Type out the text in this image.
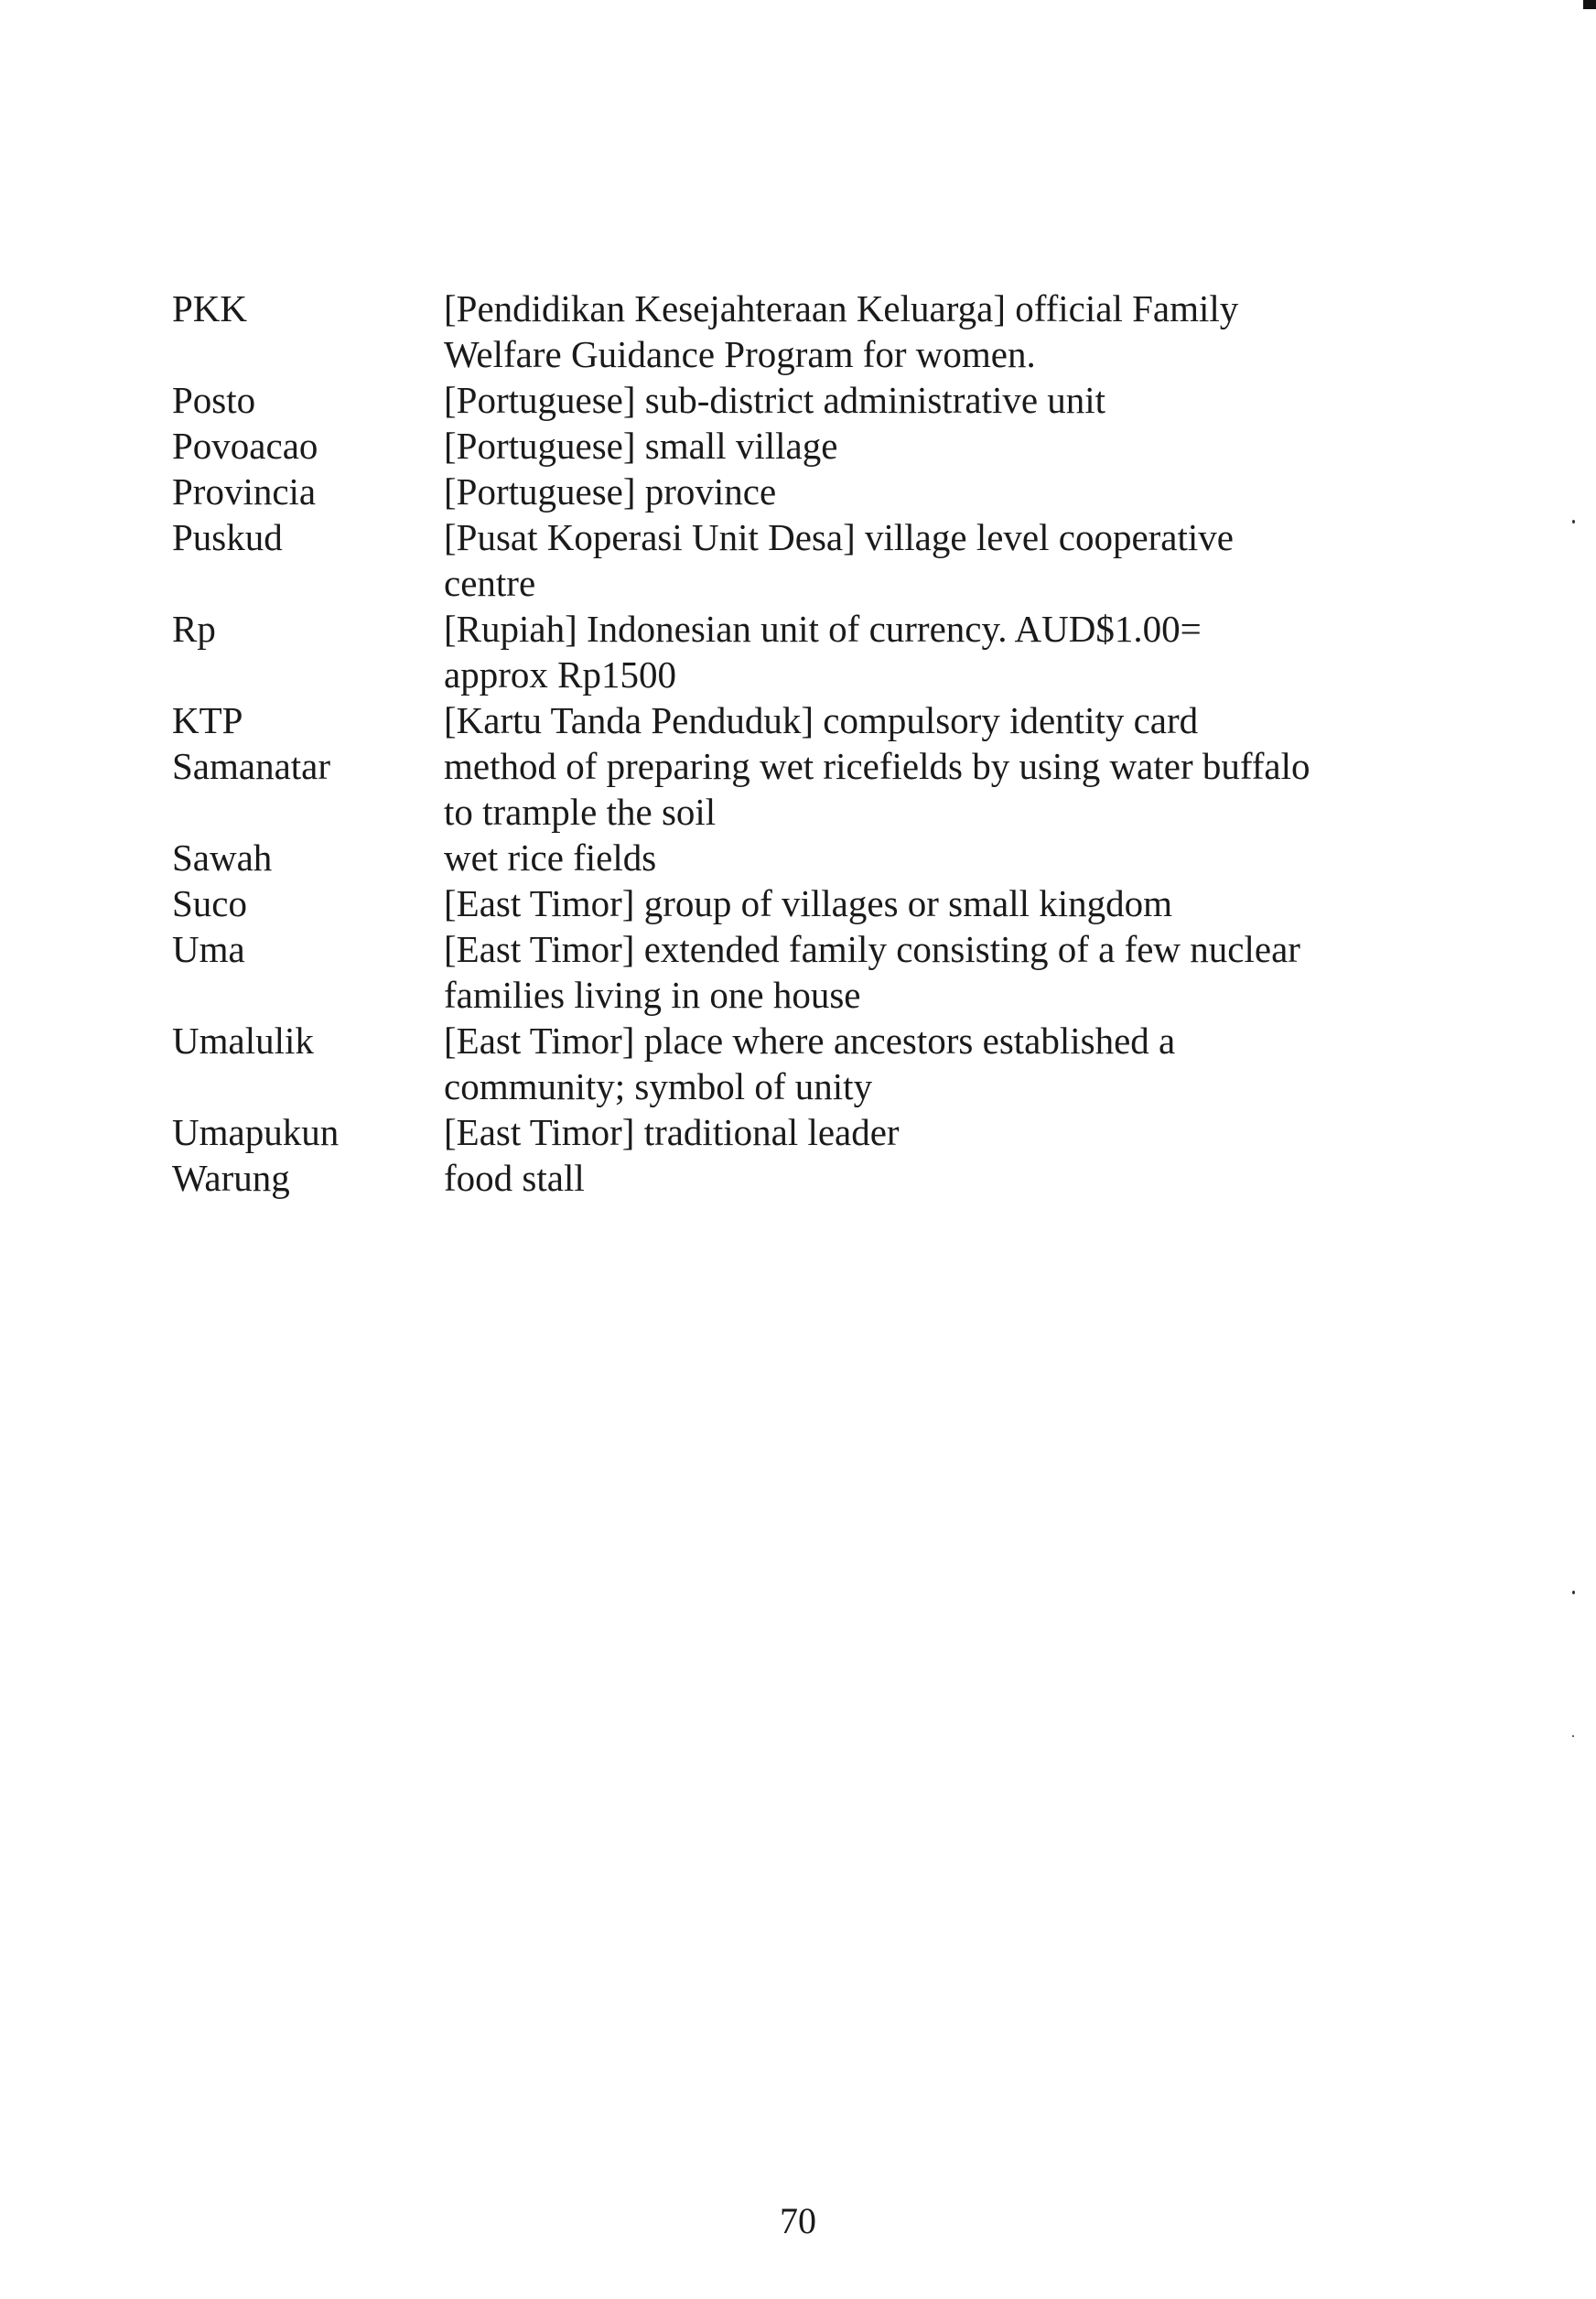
PKK	[Pendidikan Kesejahteraan Keluarga] official Family
Welfare Guidance Program for women.
Posto	[Portuguese] sub-district administrative unit
Povoacao	[Portuguese] small village
Provincia	[Portuguese] province
Puskud	[Pusat Koperasi Unit Desa] village level cooperative
centre
Rp	[Rupiah] Indonesian unit of currency. AUD$1.00=
approx Rp1500
KTP	[Kartu Tanda Penduduk] compulsory identity card
Samanatar	method of preparing wet ricefields by using water buffalo
to trample the soil
Sawah	wet rice fields
Suco	[East Timor] group of villages or small kingdom
Uma	[East Timor] extended family consisting of a few nuclear
families living in one house
Umalulik	[East Timor] place where ancestors established a
community; symbol of unity
Umapukun	[East Timor] traditional leader
Warung	food stall
70
